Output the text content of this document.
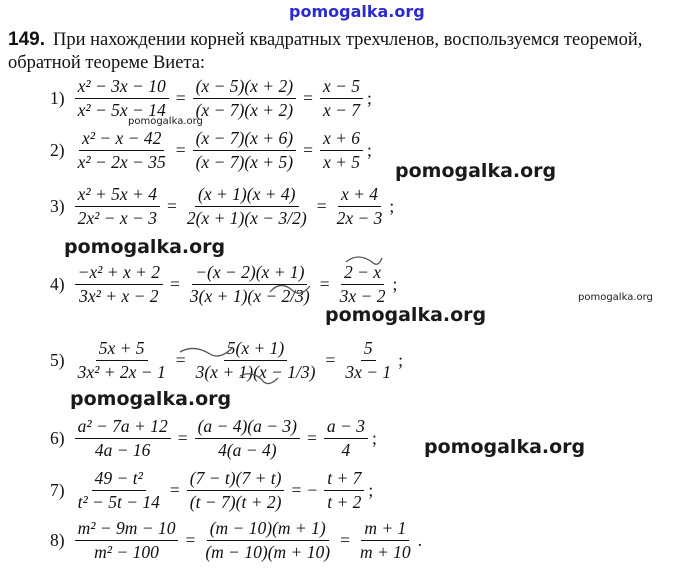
pomogalka.org
pomogalka.org
pomogalka.org
pomogalka.org
pomogalka.org
pomogalka.org
pomogalka.org
pomogalka.org
149. При нахождении корней квадратных трехчленов, воспользуемся теоремой, обратной теореме Виета:
$1) \frac{\text{x² − 3x − 10}}{\text{x² − 5x − 14}} = \frac{(x - 5)(x + 2)}{(x - 7)(x + 2)} = \frac{x - 5}{x - 7}$ ;
$2) \frac{\text{x² − x − 42}}{\text{x² − 2x − 35}} = \frac{(x - 7)(x + 6)}{(x - 7)(x + 5)} = \frac{x + 6}{x + 5}$ ;
$3) \frac{\text{x² + 5x + 4}}{\text{2x² − x − 3}} = \frac{(x + 1)(x + 4)}{2(x + 1)(x - 3/2)} = \frac{x + 4}{2x - 3}$ ;
$4) \frac{\text{−x² + x + 2}}{\text{3x² + x − 2}} = \frac{-(x - 2)(x + 1)}{3(x + 1)(x - 2/3)} = \frac{2 - x}{3x - 2}$ ;
$5) \frac{5x + 5}{\text{3x² + 2x − 1}} = \frac{5(x + 1)}{3(x + 1)(x - 1/3)} = \frac{5}{3x - 1}$ ;
$6) \frac{\text{a² − 7a + 12}}{4a - 16} = \frac{(a - 4)(a - 3)}{4(a - 4)} = \frac{a - 3}{4}$ ;
$7) \frac{\text{49 − t²}}{\text{t² − 5t − 14}} = \frac{(7 - t)(7 + t)}{(t - 7)(t + 2)}$ = − $\frac{t + 7}{t + 2}$ ;
$8) \frac{\text{m² − 9m − 10}}{\text{m² − 100}} = \frac{(m - 10)(m + 1)}{(m - 10)(m + 10)} = \frac{m + 1}{m + 10}$ .
